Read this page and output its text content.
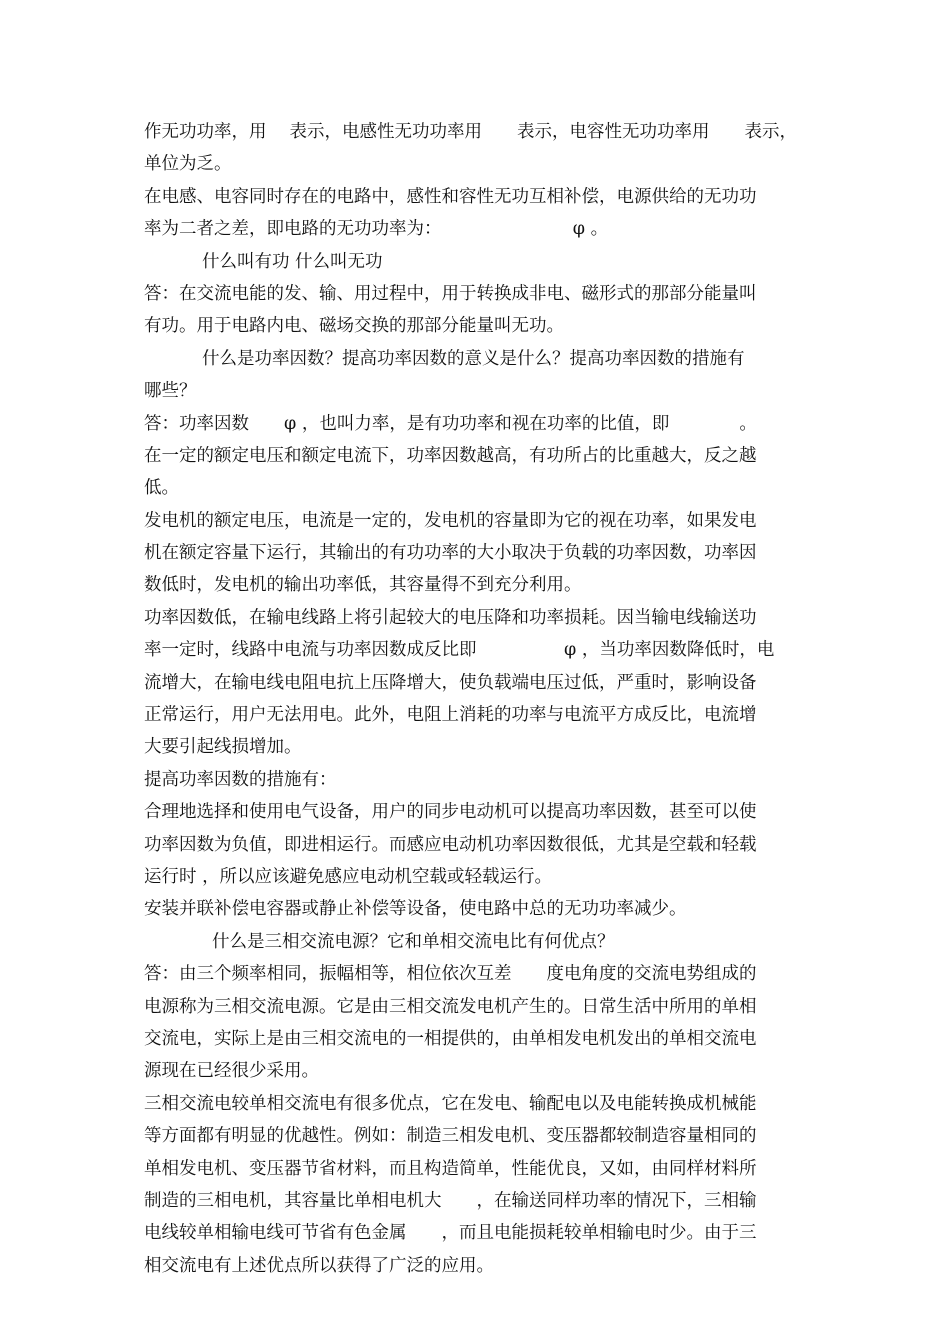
作无功功率，用　 表示，电感性无功功率用　　表示，电容性无功功率用　　表示，
单位为乏。
在电感、电容同时存在的电路中，感性和容性无功互相补偿，电源供给的无功功
率为二者之差，即电路的无功功率为：　　　　　　　　φ 。
什么叫有功 什么叫无功
答：在交流电能的发、输、用过程中，用于转换成非电、磁形式的那部分能量叫
有功。用于电路内电、磁场交换的那部分能量叫无功。
什么是功率因数？提高功率因数的意义是什么？提高功率因数的措施有
哪些？
答：功率因数　　φ ，也叫力率，是有功功率和视在功率的比值，即　　　　。
在一定的额定电压和额定电流下，功率因数越高，有功所占的比重越大，反之越
低。
发电机的额定电压，电流是一定的，发电机的容量即为它的视在功率，如果发电
机在额定容量下运行，其输出的有功功率的大小取决于负载的功率因数，功率因
数低时，发电机的输出功率低，其容量得不到充分利用。
功率因数低，在输电线路上将引起较大的电压降和功率损耗。因当输电线输送功
率一定时，线路中电流与功率因数成反比即　　　　　φ ，当功率因数降低时，电
流增大，在输电线电阻电抗上压降增大，使负载端电压过低，严重时，影响设备
正常运行，用户无法用电。此外，电阻上消耗的功率与电流平方成反比，电流增
大要引起线损增加。
提高功率因数的措施有：
合理地选择和使用电气设备，用户的同步电动机可以提高功率因数，甚至可以使
功率因数为负值，即进相运行。而感应电动机功率因数很低，尤其是空载和轻载
运行时 ，所以应该避免感应电动机空载或轻载运行。
安装并联补偿电容器或静止补偿等设备，使电路中总的无功功率减少。
什么是三相交流电源？它和单相交流电比有何优点？
答：由三个频率相同，振幅相等，相位依次互差　　度电角度的交流电势组成的
电源称为三相交流电源。它是由三相交流发电机产生的。日常生活中所用的单相
交流电，实际上是由三相交流电的一相提供的，由单相发电机发出的单相交流电
源现在已经很少采用。
三相交流电较单相交流电有很多优点，它在发电、输配电以及电能转换成机械能
等方面都有明显的优越性。例如：制造三相发电机、变压器都较制造容量相同的
单相发电机、变压器节省材料，而且构造简单，性能优良，又如，由同样材料所
制造的三相电机，其容量比单相电机大　　，在输送同样功率的情况下，三相输
电线较单相输电线可节省有色金属　　，而且电能损耗较单相输电时少。由于三
相交流电有上述优点所以获得了广泛的应用。
